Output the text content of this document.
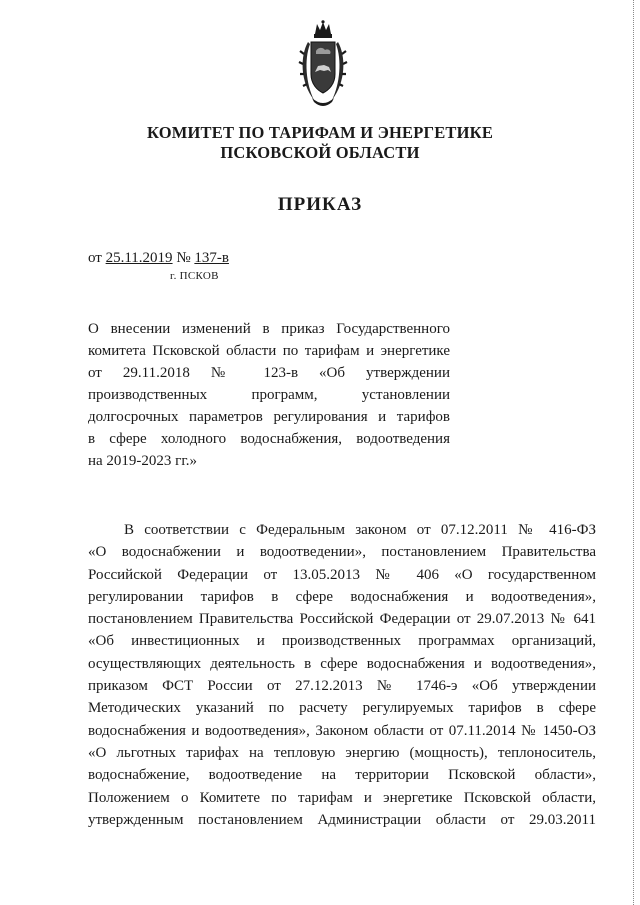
КОМИТЕТ ПО ТАРИФАМ И ЭНЕРГЕТИКЕ
ПСКОВСКОЙ ОБЛАСТИ
ПРИКАЗ
от 25.11.2019 № 137-в
г. ПСКОВ
О внесении изменений в приказ Государственного
комитета Псковской области по тарифам и энергетике
от 29.11.2018 № 123-в «Об утверждении
производственных программ, установлении
долгосрочных параметров регулирования и тарифов
в сфере холодного водоснабжения, водоотведения
на 2019-2023 гг.»
В соответствии с Федеральным законом от 07.12.2011 № 416-ФЗ
«О водоснабжении и водоотведении», постановлением Правительства
Российской Федерации от 13.05.2013 № 406 «О государственном
регулировании тарифов в сфере водоснабжения и водоотведения»,
постановлением Правительства Российской Федерации от 29.07.2013 № 641
«Об инвестиционных и производственных программах организаций,
осуществляющих деятельность в сфере водоснабжения и водоотведения»,
приказом ФСТ России от 27.12.2013 № 1746-э «Об утверждении
Методических указаний по расчету регулируемых тарифов в сфере
водоснабжения и водоотведения», Законом области от 07.11.2014 № 1450-ОЗ
«О льготных тарифах на тепловую энергию (мощность), теплоноситель,
водоснабжение, водоотведение на территории Псковской области»,
Положением о Комитете по тарифам и энергетике Псковской области,
утвержденным постановлением Администрации области от 29.03.2011
